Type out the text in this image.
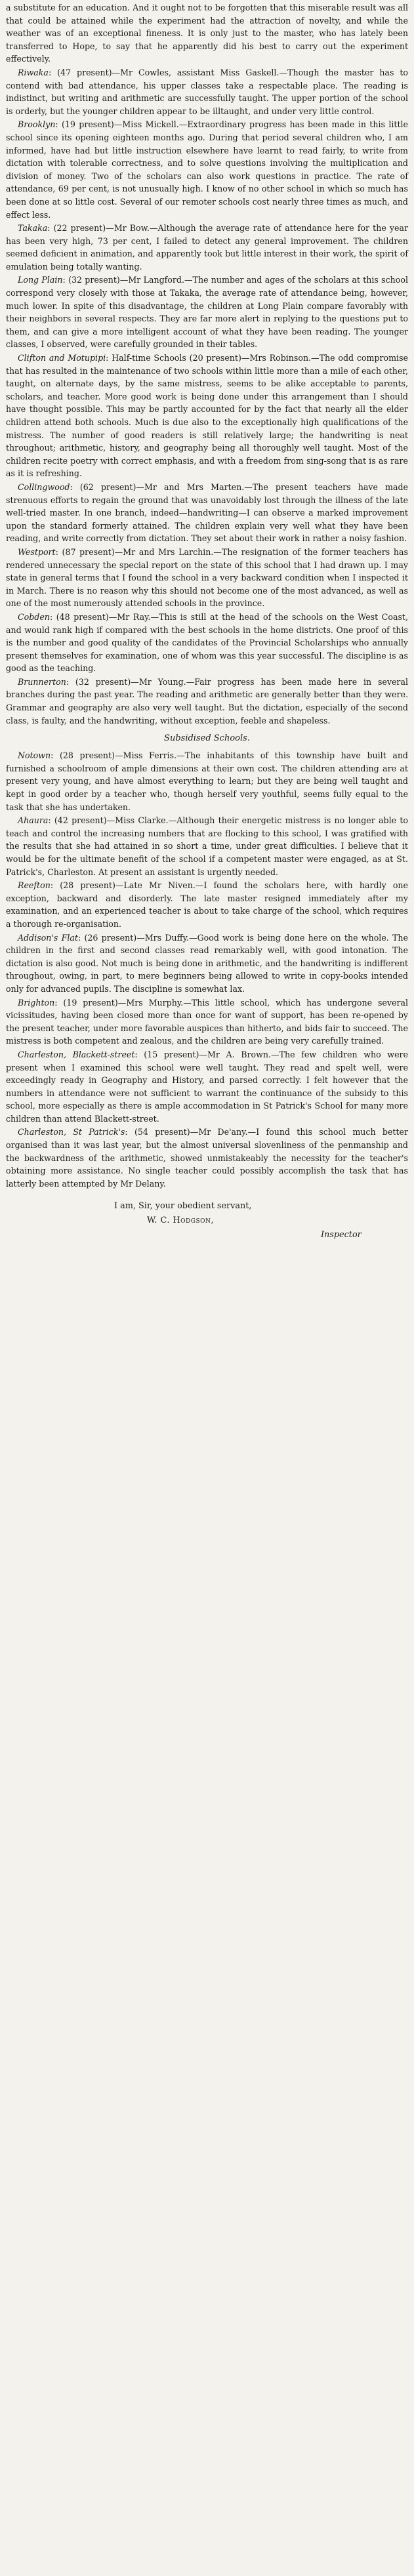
a substitute for an education. And it ought not to be forgotten that this miserable result was all that could be attained while the experiment had the attraction of novelty, and while the weather was of an exceptional fineness. It is only just to the master, who has lately been transferred to Hope, to say that he apparently did his best to carry out the experiment effectively.

Riwaka: (47 present)—Mr Cowles, assistant Miss Gaskell.—Though the master has to contend with bad attendance, his upper classes take a respectable place. The reading is indistinct, but writing and arithmetic are successfully taught. The upper portion of the school is orderly, but the younger children appear to be illtaught, and under very little control.

Brooklyn: (19 present)—Miss Mickell.—Extraordinary progress has been made in this little school since its opening eighteen months ago. During that period several children who, I am informed, have had but little instruction elsewhere have learnt to read fairly, to write from dictation with tolerable correctness, and to solve questions involving the multiplication and division of money. Two of the scholars can also work questions in practice. The rate of attendance, 69 per cent, is not unusually high. I know of no other school in which so much has been done at so little cost. Several of our remoter schools cost nearly three times as much, and effect less.

Takaka: (22 present)—Mr Bow.—Although the average rate of attendance here for the year has been very high, 73 per cent, I failed to detect any general improvement. The children seemed deficient in animation, and apparently took but little interest in their work, the spirit of emulation being totally wanting.

Long Plain: (32 present)—Mr Langford.—The number and ages of the scholars at this school correspond very closely with those at Takaka, the average rate of attendance being, however, much lower. In spite of this disadvantage, the children at Long Plain compare favorably with their neighbors in several respects. They are far more alert in replying to the questions put to them, and can give a more intelligent account of what they have been reading. The younger classes, I observed, were carefully grounded in their tables.

Clifton and Motupipi: Half-time Schools (20 present)—Mrs Robinson.—The odd compromise that has resulted in the maintenance of two schools within little more than a mile of each other, taught, on alternate days, by the same mistress, seems to be alike acceptable to parents, scholars, and teacher. More good work is being done under this arrangement than I should have thought possible. This may be partly accounted for by the fact that nearly all the elder children attend both schools. Much is due also to the exceptionally high qualifications of the mistress. The number of good readers is still relatively large; the handwriting is neat throughout; arithmetic, history, and geography being all thoroughly well taught. Most of the children recite poetry with correct emphasis, and with a freedom from sing-song that is as rare as it is refreshing.

Collingwood: (62 present)—Mr and Mrs Marten.—The present teachers have made strenuous efforts to regain the ground that was unavoidably lost through the illness of the late well-tried master. In one branch, indeed—handwriting—I can observe a marked improvement upon the standard formerly attained. The children explain very well what they have been reading, and write correctly from dictation. They set about their work in rather a noisy fashion.

Westport: (87 present)—Mr and Mrs Larchin.—The resignation of the former teachers has rendered unnecessary the special report on the state of this school that I had drawn up. I may state in general terms that I found the school in a very backward condition when I inspected it in March. There is no reason why this should not become one of the most advanced, as well as one of the most numerously attended schools in the province.

Cobden: (48 present)—Mr Ray.—This is still at the head of the schools on the West Coast, and would rank high if compared with the best schools in the home districts. One proof of this is the number and good quality of the candidates of the Provincial Scholarships who annually present themselves for examination, one of whom was this year successful. The discipline is as good as the teaching.

Brunnerton: (32 present)—Mr Young.—Fair progress has been made here in several branches during the past year. The reading and arithmetic are generally better than they were. Grammar and geography are also very well taught. But the dictation, especially of the second class, is faulty, and the handwriting, without exception, feeble and shapeless.

Subsidised Schools.

Notown: (28 present)—Miss Ferris.—The inhabitants of this township have built and furnished a schoolroom of ample dimensions at their own cost. The children attending are at present very young, and have almost everything to learn; but they are being well taught and kept in good order by a teacher who, though herself very youthful, seems fully equal to the task that she has undertaken.

Ahaura: (42 present)—Miss Clarke.—Although their energetic mistress is no longer able to teach and control the increasing numbers that are flocking to this school, I was gratified with the results that she had attained in so short a time, under great difficulties. I believe that it would be for the ultimate benefit of the school if a competent master were engaged, as at St. Patrick's, Charleston. At present an assistant is urgently needed.

Reefton: (28 present)—Late Mr Niven.—I found the scholars here, with hardly one exception, backward and disorderly. The late master resigned immediately after my examination, and an experienced teacher is about to take charge of the school, which requires a thorough re-organisation.

Addison's Flat: (26 present)—Mrs Duffy.—Good work is being done here on the whole. The children in the first and second classes read remarkably well, with good intonation. The dictation is also good. Not much is being done in arithmetic, and the handwriting is indifferent throughout, owing, in part, to mere beginners being allowed to write in copy-books intended only for advanced pupils. The discipline is somewhat lax.

Brighton: (19 present)—Mrs Murphy.—This little school, which has undergone several vicissitudes, having been closed more than once for want of support, has been re-opened by the present teacher, under more favorable auspices than hitherto, and bids fair to succeed. The mistress is both competent and zealous, and the children are being very carefully trained.

Charleston, Blackett-street: (15 present)—Mr A. Brown.—The few children who were present when I examined this school were well taught. They read and spelt well, were exceedingly ready in Geography and History, and parsed correctly. I felt however that the numbers in attendance were not sufficient to warrant the continuance of the subsidy to this school, more especially as there is ample accommodation in St Patrick's School for many more children than attend Blackett-street.

Charleston, St Patrick's: (54 present)—Mr De'any.—I found this school much better organised than it was last year, but the almost universal slovenliness of the penmanship and the backwardness of the arithmetic, showed unmistakeably the necessity for the teacher's obtaining more assistance. No single teacher could possibly accomplish the task that has latterly been attempted by Mr Delany.

I am, Sir, your obedient servant,
W. C. Hodgson,
Inspector
